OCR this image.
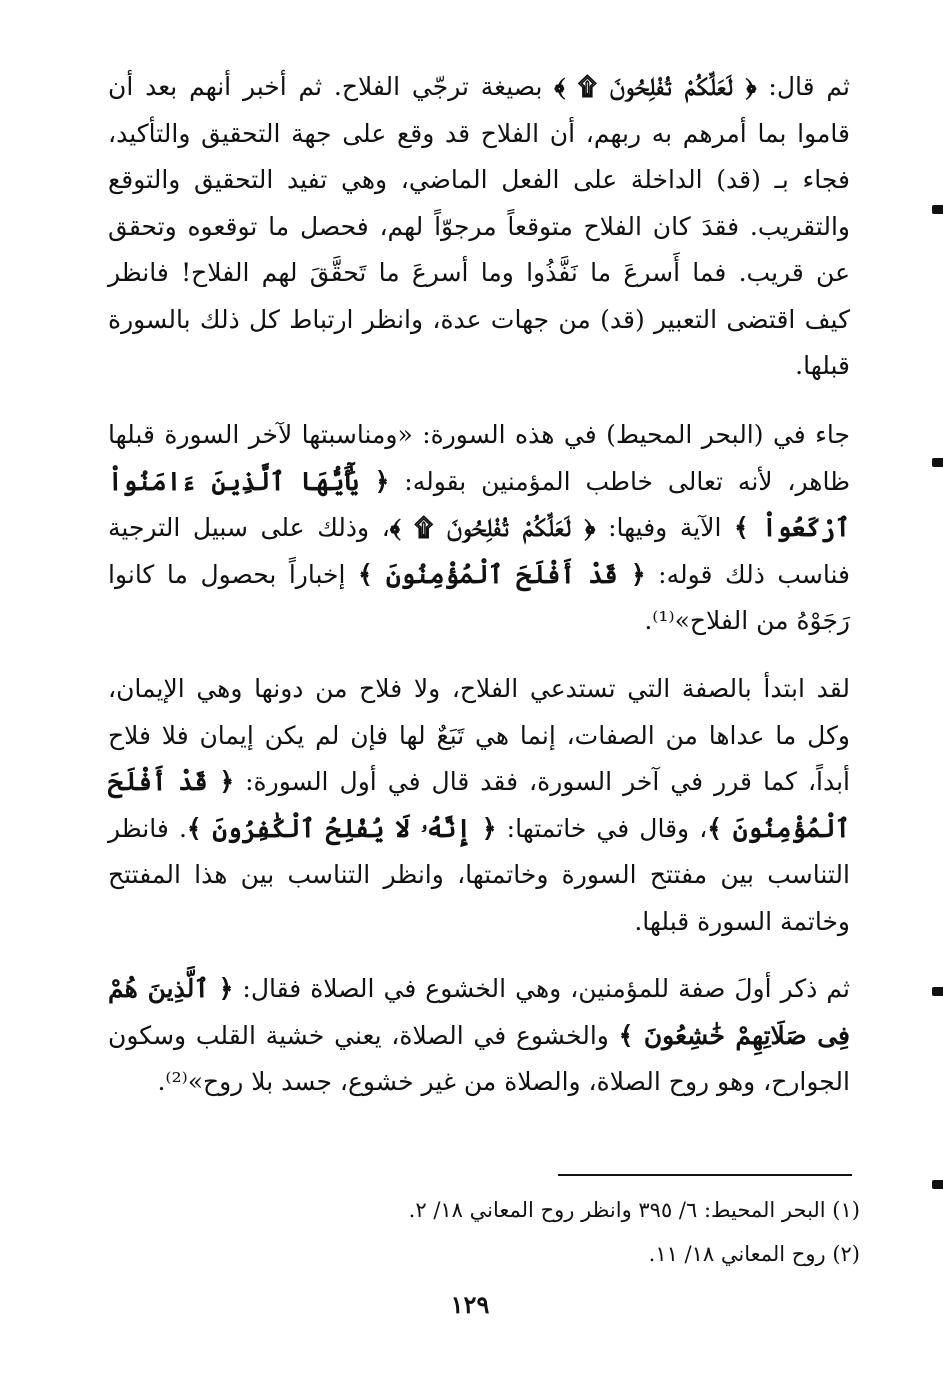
ثم قال: ﴿ لَعَلَّكُمْ تُفْلِحُونَ ۩ ﴾ بصيغة ترجّي الفلاح. ثم أخبر أنهم بعد أن قاموا بما أمرهم به ربهم، أن الفلاح قد وقع على جهة التحقيق والتأكيد، فجاء بـ (قد) الداخلة على الفعل الماضي، وهي تفيد التحقيق والتوقع والتقريب. فقدَ كان الفلاح متوقعاً مرجوّاً لهم، فحصل ما توقعوه وتحقق عن قريب. فما أَسرعَ ما نَفَّذُوا وما أسرعَ ما تَحقَّقَ لهم الفلاح! فانظر كيف اقتضى التعبير (قد) من جهات عدة، وانظر ارتباط كل ذلك بالسورة قبلها.

جاء في (البحر المحيط) في هذه السورة: «ومناسبتها لآخر السورة قبلها ظاهر، لأنه تعالى خاطب المؤمنين بقوله: ﴿ يَٰٓأَيُّهَا ٱلَّذِينَ ءَامَنُواْ ٱرْكَعُواْ ﴾ الآية وفيها: ﴿ لَعَلَّكُمْ تُفْلِحُونَ ۩ ﴾، وذلك على سبيل الترجية فناسب ذلك قوله: ﴿ قَدْ أَفْلَحَ ٱلْمُؤْمِنُونَ ﴾ إخباراً بحصول ما كانوا رَجَوْهُ من الفلاح»⁽¹⁾.

لقد ابتدأ بالصفة التي تستدعي الفلاح، ولا فلاح من دونها وهي الإيمان، وكل ما عداها من الصفات، إنما هي تَبَعٌ لها فإن لم يكن إيمان فلا فلاح أبداً، كما قرر في آخر السورة، فقد قال في أول السورة: ﴿ قَدْ أَفْلَحَ ٱلْمُؤْمِنُونَ ﴾، وقال في خاتمتها: ﴿ إِنَّهُۥ لَا يُفْلِحُ ٱلْكَٰفِرُونَ ﴾. فانظر التناسب بين مفتتح السورة وخاتمتها، وانظر التناسب بين هذا المفتتح وخاتمة السورة قبلها.

ثم ذكر أولَ صفة للمؤمنين، وهي الخشوع في الصلاة فقال: ﴿ ٱلَّذِينَ هُمْ فِى صَلَاتِهِمْ خَٰشِعُونَ ﴾ والخشوع في الصلاة، يعني خشية القلب وسكون الجوارح، وهو روح الصلاة، والصلاة من غير خشوع، جسد بلا روح»⁽²⁾.

(١) البحر المحيط: ٦/ ٣٩٥ وانظر روح المعاني ١٨/ ٢.
(٢) روح المعاني ١٨/ ١١.
١٢٩
